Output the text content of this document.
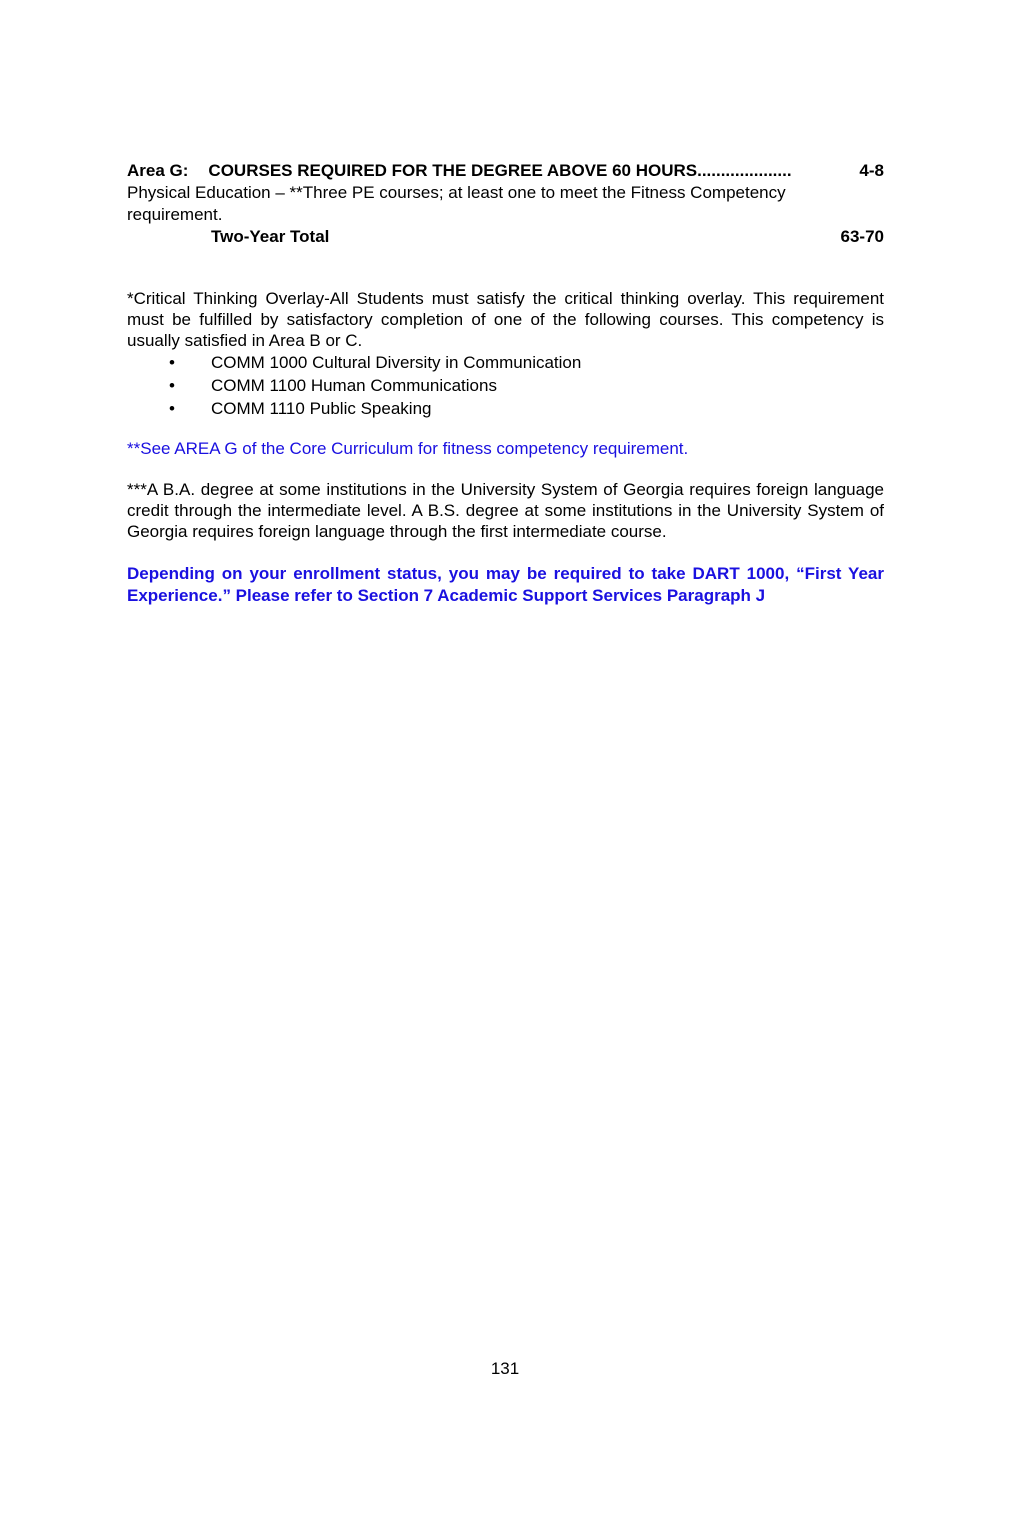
Area G: COURSES REQUIRED FOR THE DEGREE ABOVE 60 HOURS ....................	4-8
Physical Education – **Three PE courses; at least one to meet the Fitness Competency
requirement.
Two-Year Total	63-70

*Critical Thinking Overlay-All Students must satisfy the critical thinking overlay. This requirement must be fulfilled by satisfactory completion of one of the following courses. This competency is usually satisfied in Area B or C.

• COMM 1000 Cultural Diversity in Communication
• COMM 1100 Human Communications
• COMM 1110 Public Speaking
**See AREA G of the Core Curriculum for fitness competency requirement.

***A B.A. degree at some institutions in the University System of Georgia requires foreign language credit through the intermediate level. A B.S. degree at some institutions in the University System of Georgia requires foreign language through the first intermediate course.

Depending on your enrollment status, you may be required to take DART 1000, “First Year Experience.” Please refer to Section 7 Academic Support Services Paragraph J

131
